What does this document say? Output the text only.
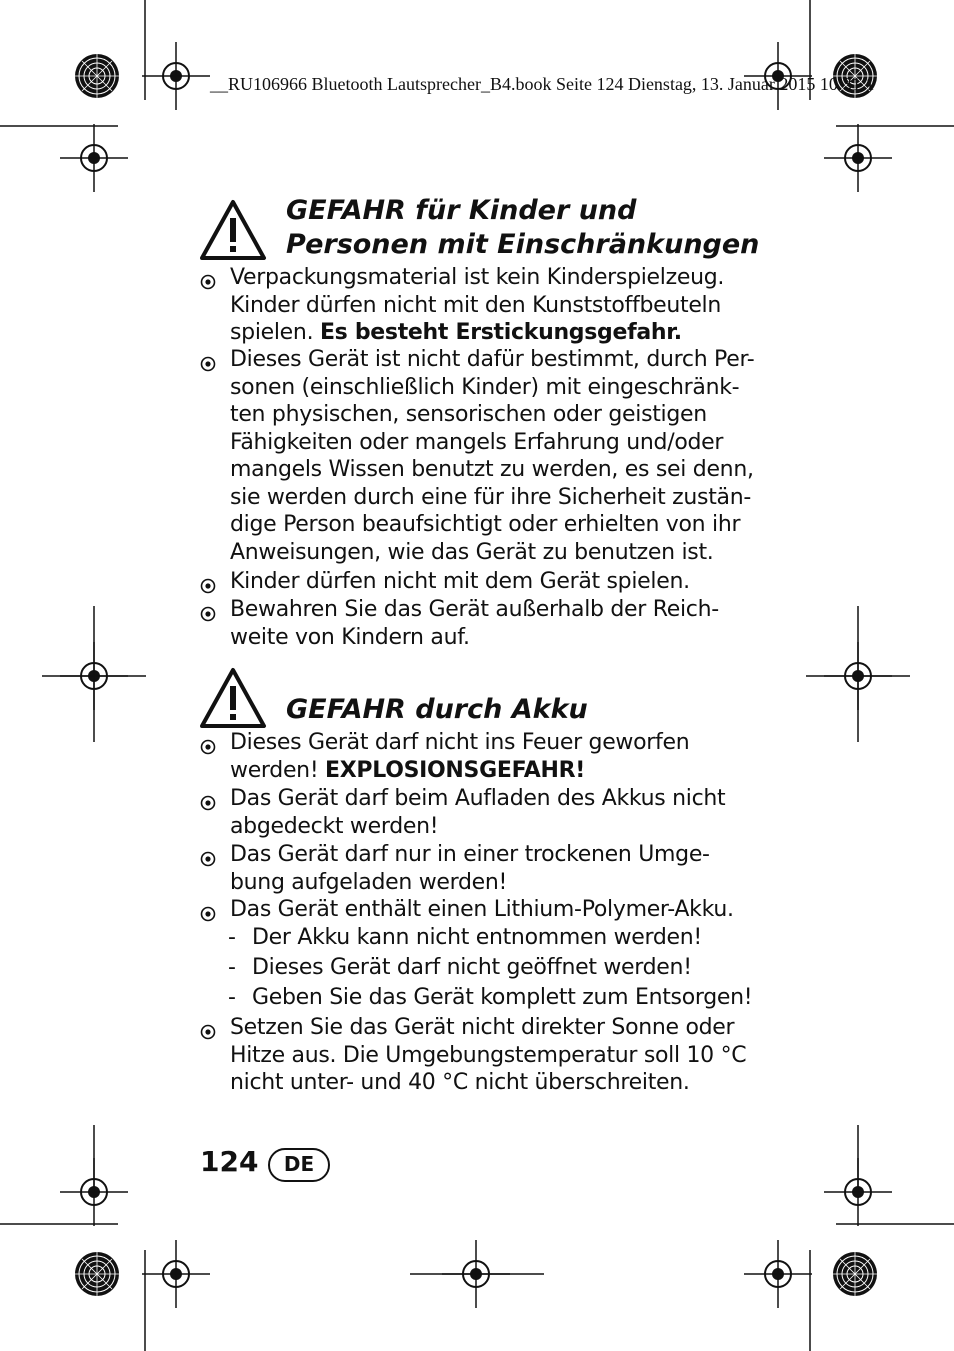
__RU106966 Bluetooth Lautsprecher_B4.book Seite 124 Dienstag, 13. Januar 2015 10:31 1
GEFAHR für Kinder und
Personen mit Einschränkungen
Verpackungsmaterial ist kein Kinderspielzeug.
Kinder dürfen nicht mit den Kunststoffbeuteln
spielen. Es besteht Erstickungsgefahr.
Dieses Gerät ist nicht dafür bestimmt, durch Per-
sonen (einschließlich Kinder) mit eingeschränk-
ten physischen, sensorischen oder geistigen
Fähigkeiten oder mangels Erfahrung und/oder
mangels Wissen benutzt zu werden, es sei denn,
sie werden durch eine für ihre Sicherheit zustän-
dige Person beaufsichtigt oder erhielten von ihr
Anweisungen, wie das Gerät zu benutzen ist.
Kinder dürfen nicht mit dem Gerät spielen.
Bewahren Sie das Gerät außerhalb der Reich-
weite von Kindern auf.
GEFAHR durch Akku
Dieses Gerät darf nicht ins Feuer geworfen
werden! EXPLOSIONSGEFAHR!
Das Gerät darf beim Aufladen des Akkus nicht
abgedeckt werden!
Das Gerät darf nur in einer trockenen Umge-
bung aufgeladen werden!
Das Gerät enthält einen Lithium-Polymer-Akku.
Setzen Sie das Gerät nicht direkter Sonne oder
Hitze aus. Die Umgebungstemperatur soll 10 °C
nicht unter- und 40 °C nicht überschreiten.
- Der Akku kann nicht entnommen werden!
- Dieses Gerät darf nicht geöffnet werden!
- Geben Sie das Gerät komplett zum Entsorgen!
124	DE
